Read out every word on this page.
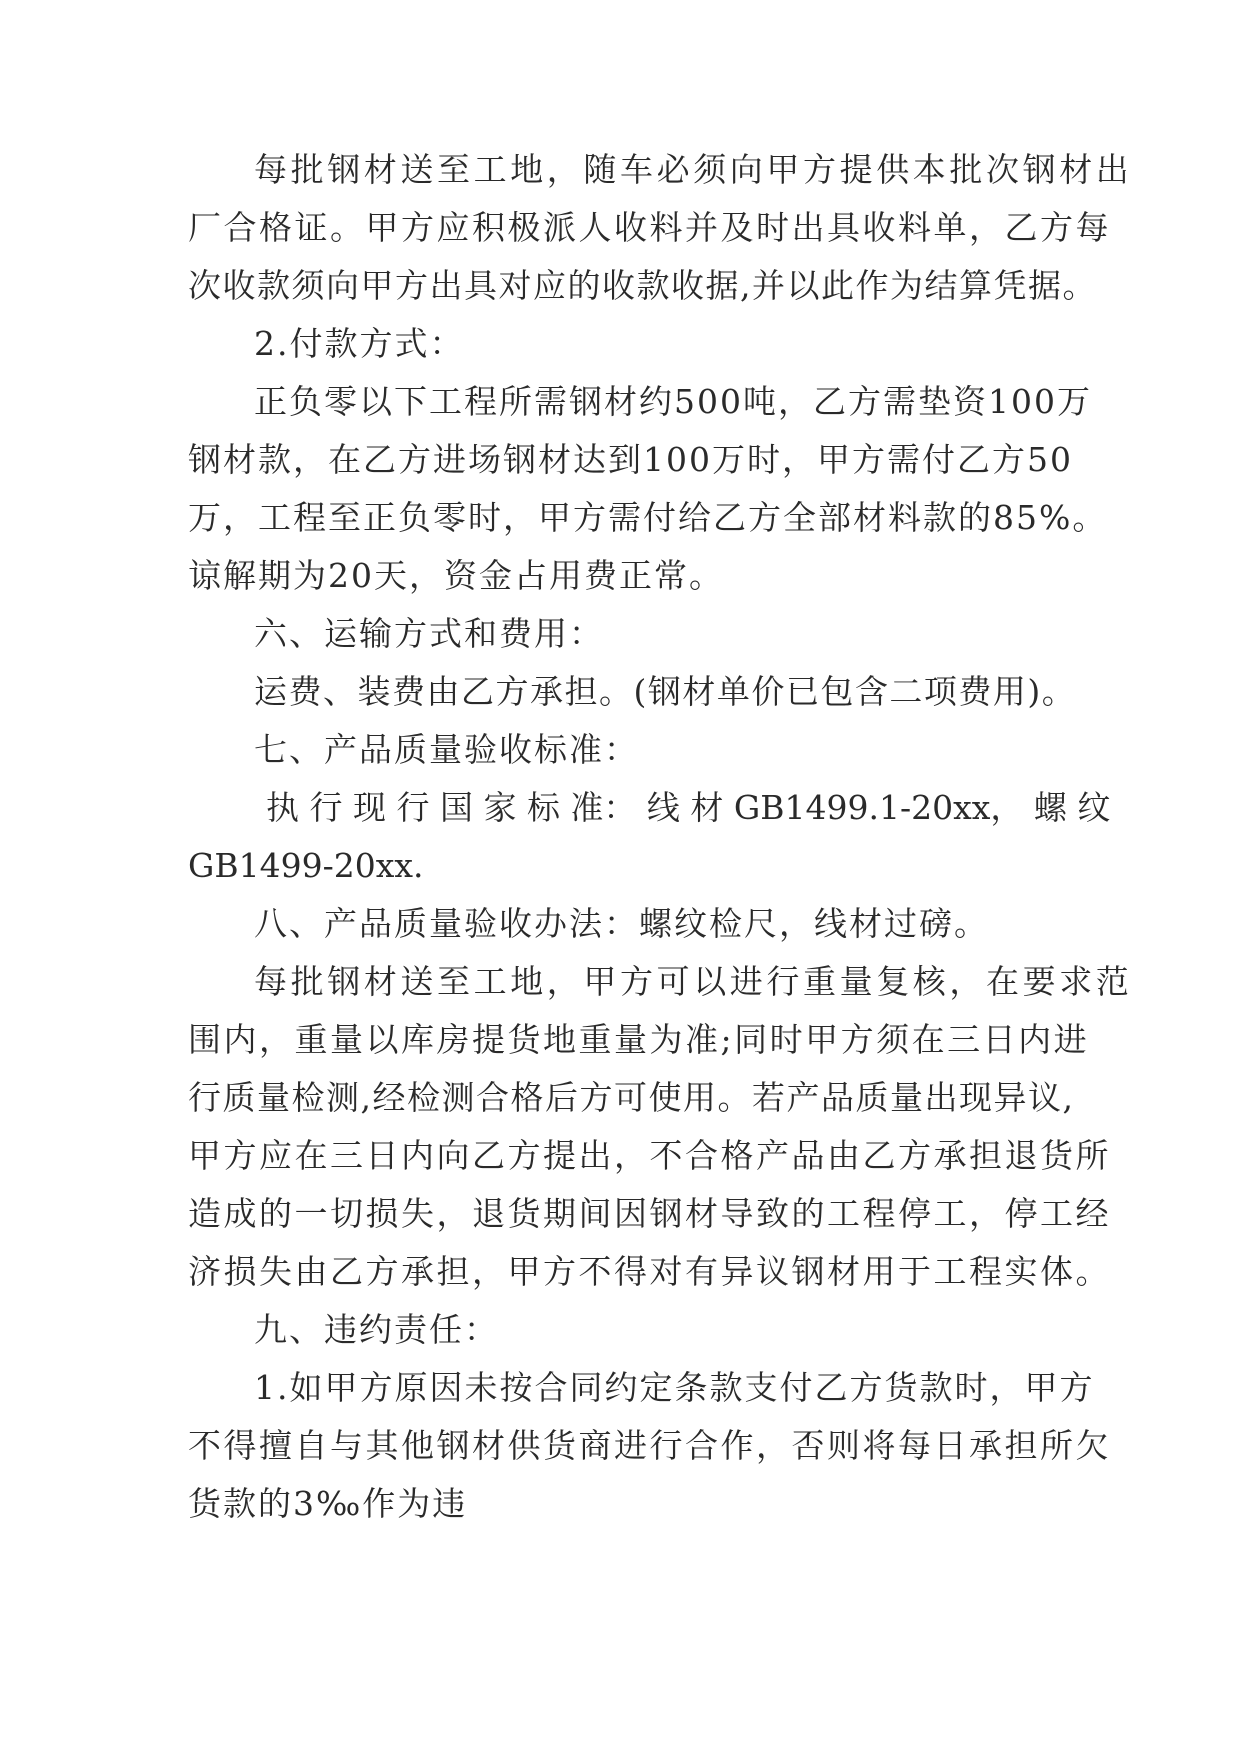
每批钢材送至工地，随车必须向甲方提供本批次钢材出
厂合格证。甲方应积极派人收料并及时出具收料单，乙方每
次收款须向甲方出具对应的收款收据,并以此作为结算凭据。
2.付款方式：
正负零以下工程所需钢材约500吨，乙方需垫资100万
钢材款，在乙方进场钢材达到100万时，甲方需付乙方50
万，工程至正负零时，甲方需付给乙方全部材料款的85%。
谅解期为20天，资金占用费正常。
六、运输方式和费用：
运费、装费由乙方承担。(钢材单价已包含二项费用)。
七、产品质量验收标准：
执 行 现 行 国 家 标 准： 线 材 GB1499.1-20xx， 螺 纹
GB1499-20xx.
八、产品质量验收办法：螺纹检尺，线材过磅。
每批钢材送至工地，甲方可以进行重量复核，在要求范
围内，重量以库房提货地重量为准;同时甲方须在三日内进
行质量检测,经检测合格后方可使用。若产品质量出现异议,
甲方应在三日内向乙方提出，不合格产品由乙方承担退货所
造成的一切损失，退货期间因钢材导致的工程停工，停工经
济损失由乙方承担，甲方不得对有异议钢材用于工程实体。
九、违约责任：
1.如甲方原因未按合同约定条款支付乙方货款时，甲方
不得擅自与其他钢材供货商进行合作，否则将每日承担所欠
货款的3‰作为违
